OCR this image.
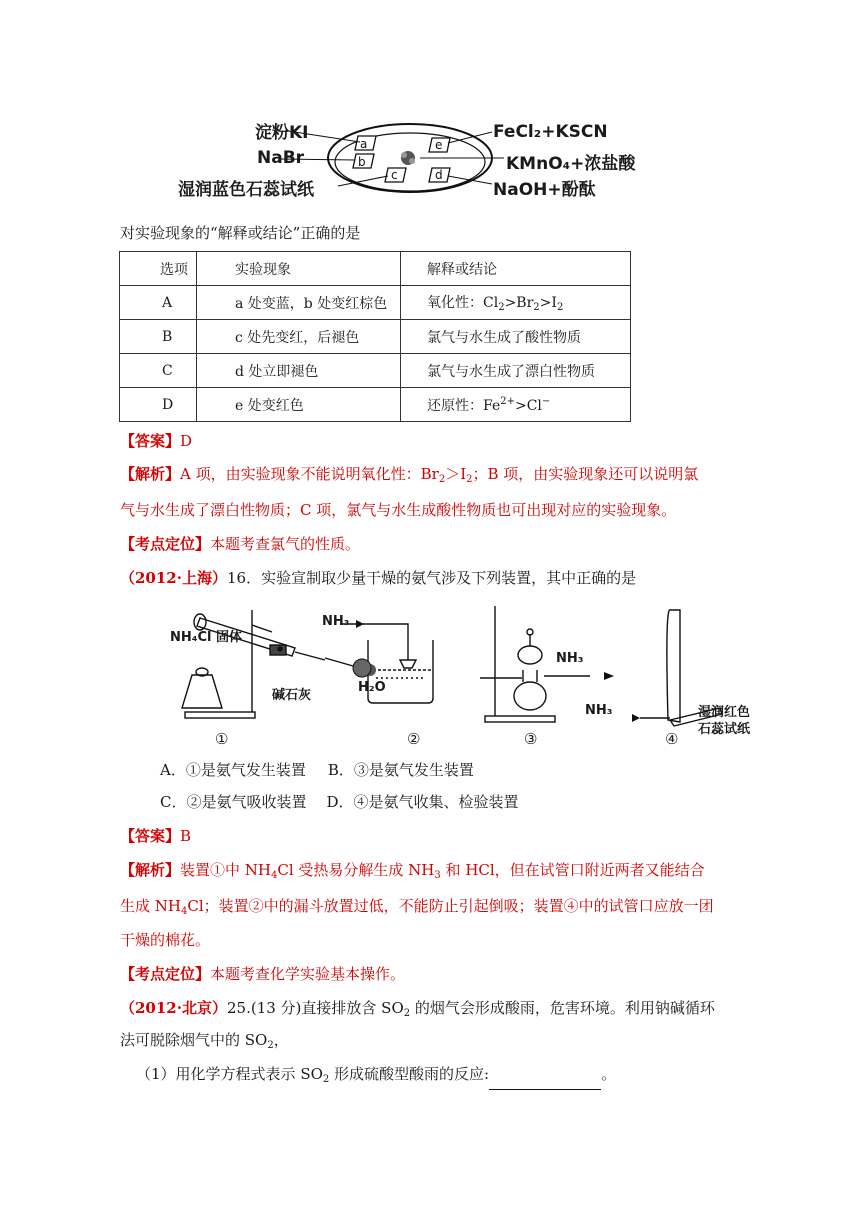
a
b
c	d
e
淀粉KI
NaBr
湿润蓝色石蕊试纸
FeCl₂+KSCN
KMnO₄+浓盐酸
NaOH+酚酞
对实验现象的“解释或结论”正确的是
选项	实验现象	解释或结论
A	a 处变蓝，b 处变红棕色	氧化性：$Cl_2>Br_2>I_2$
B	c 处先变红，后褪色	氯气与水生成了酸性物质
C	d 处立即褪色	氯气与水生成了漂白性物质
D	e 处变红色	还原性：$Fe^{2+}>Cl^-$
【答案】D
【解析】A 项，由实验现象不能说明氧化性：$Br_2>I_2$；B 项，由实验现象还可以说明氯
气与水生成了漂白性物质；C 项，氯气与水生成酸性物质也可出现对应的实验现象。
【考点定位】本题考查氯气的性质。
（2012·上海）16．实验宣制取少量干燥的氨气涉及下列装置，其中正确的是
NH₄Cl 固体
碱石灰
NH₃
H₂O
NH₃
NH₃	湿润红色
石蕊试纸
①	②	③	④
A．①是氨气发生装置 B．③是氨气发生装置
C．②是氨气吸收装置 D．④是氨气收集、检验装置
【答案】B
【解析】装置①中 $NH_4Cl$ 受热易分解生成 $NH_3$ 和 HCl，但在试管口附近两者又能结合
生成 $NH_4Cl$；装置②中的漏斗放置过低，不能防止引起倒吸；装置④中的试管口应放一团
干燥的棉花。
【考点定位】本题考查化学实验基本操作。
（2012·北京）25.(13 分)直接排放含 $SO_2$ 的烟气会形成酸雨，危害环境。利用钠碱循环
法可脱除烟气中的 $SO_2$，
（1）用化学方程式表示 $SO_2$ 形成硫酸型酸雨的反应:	。
